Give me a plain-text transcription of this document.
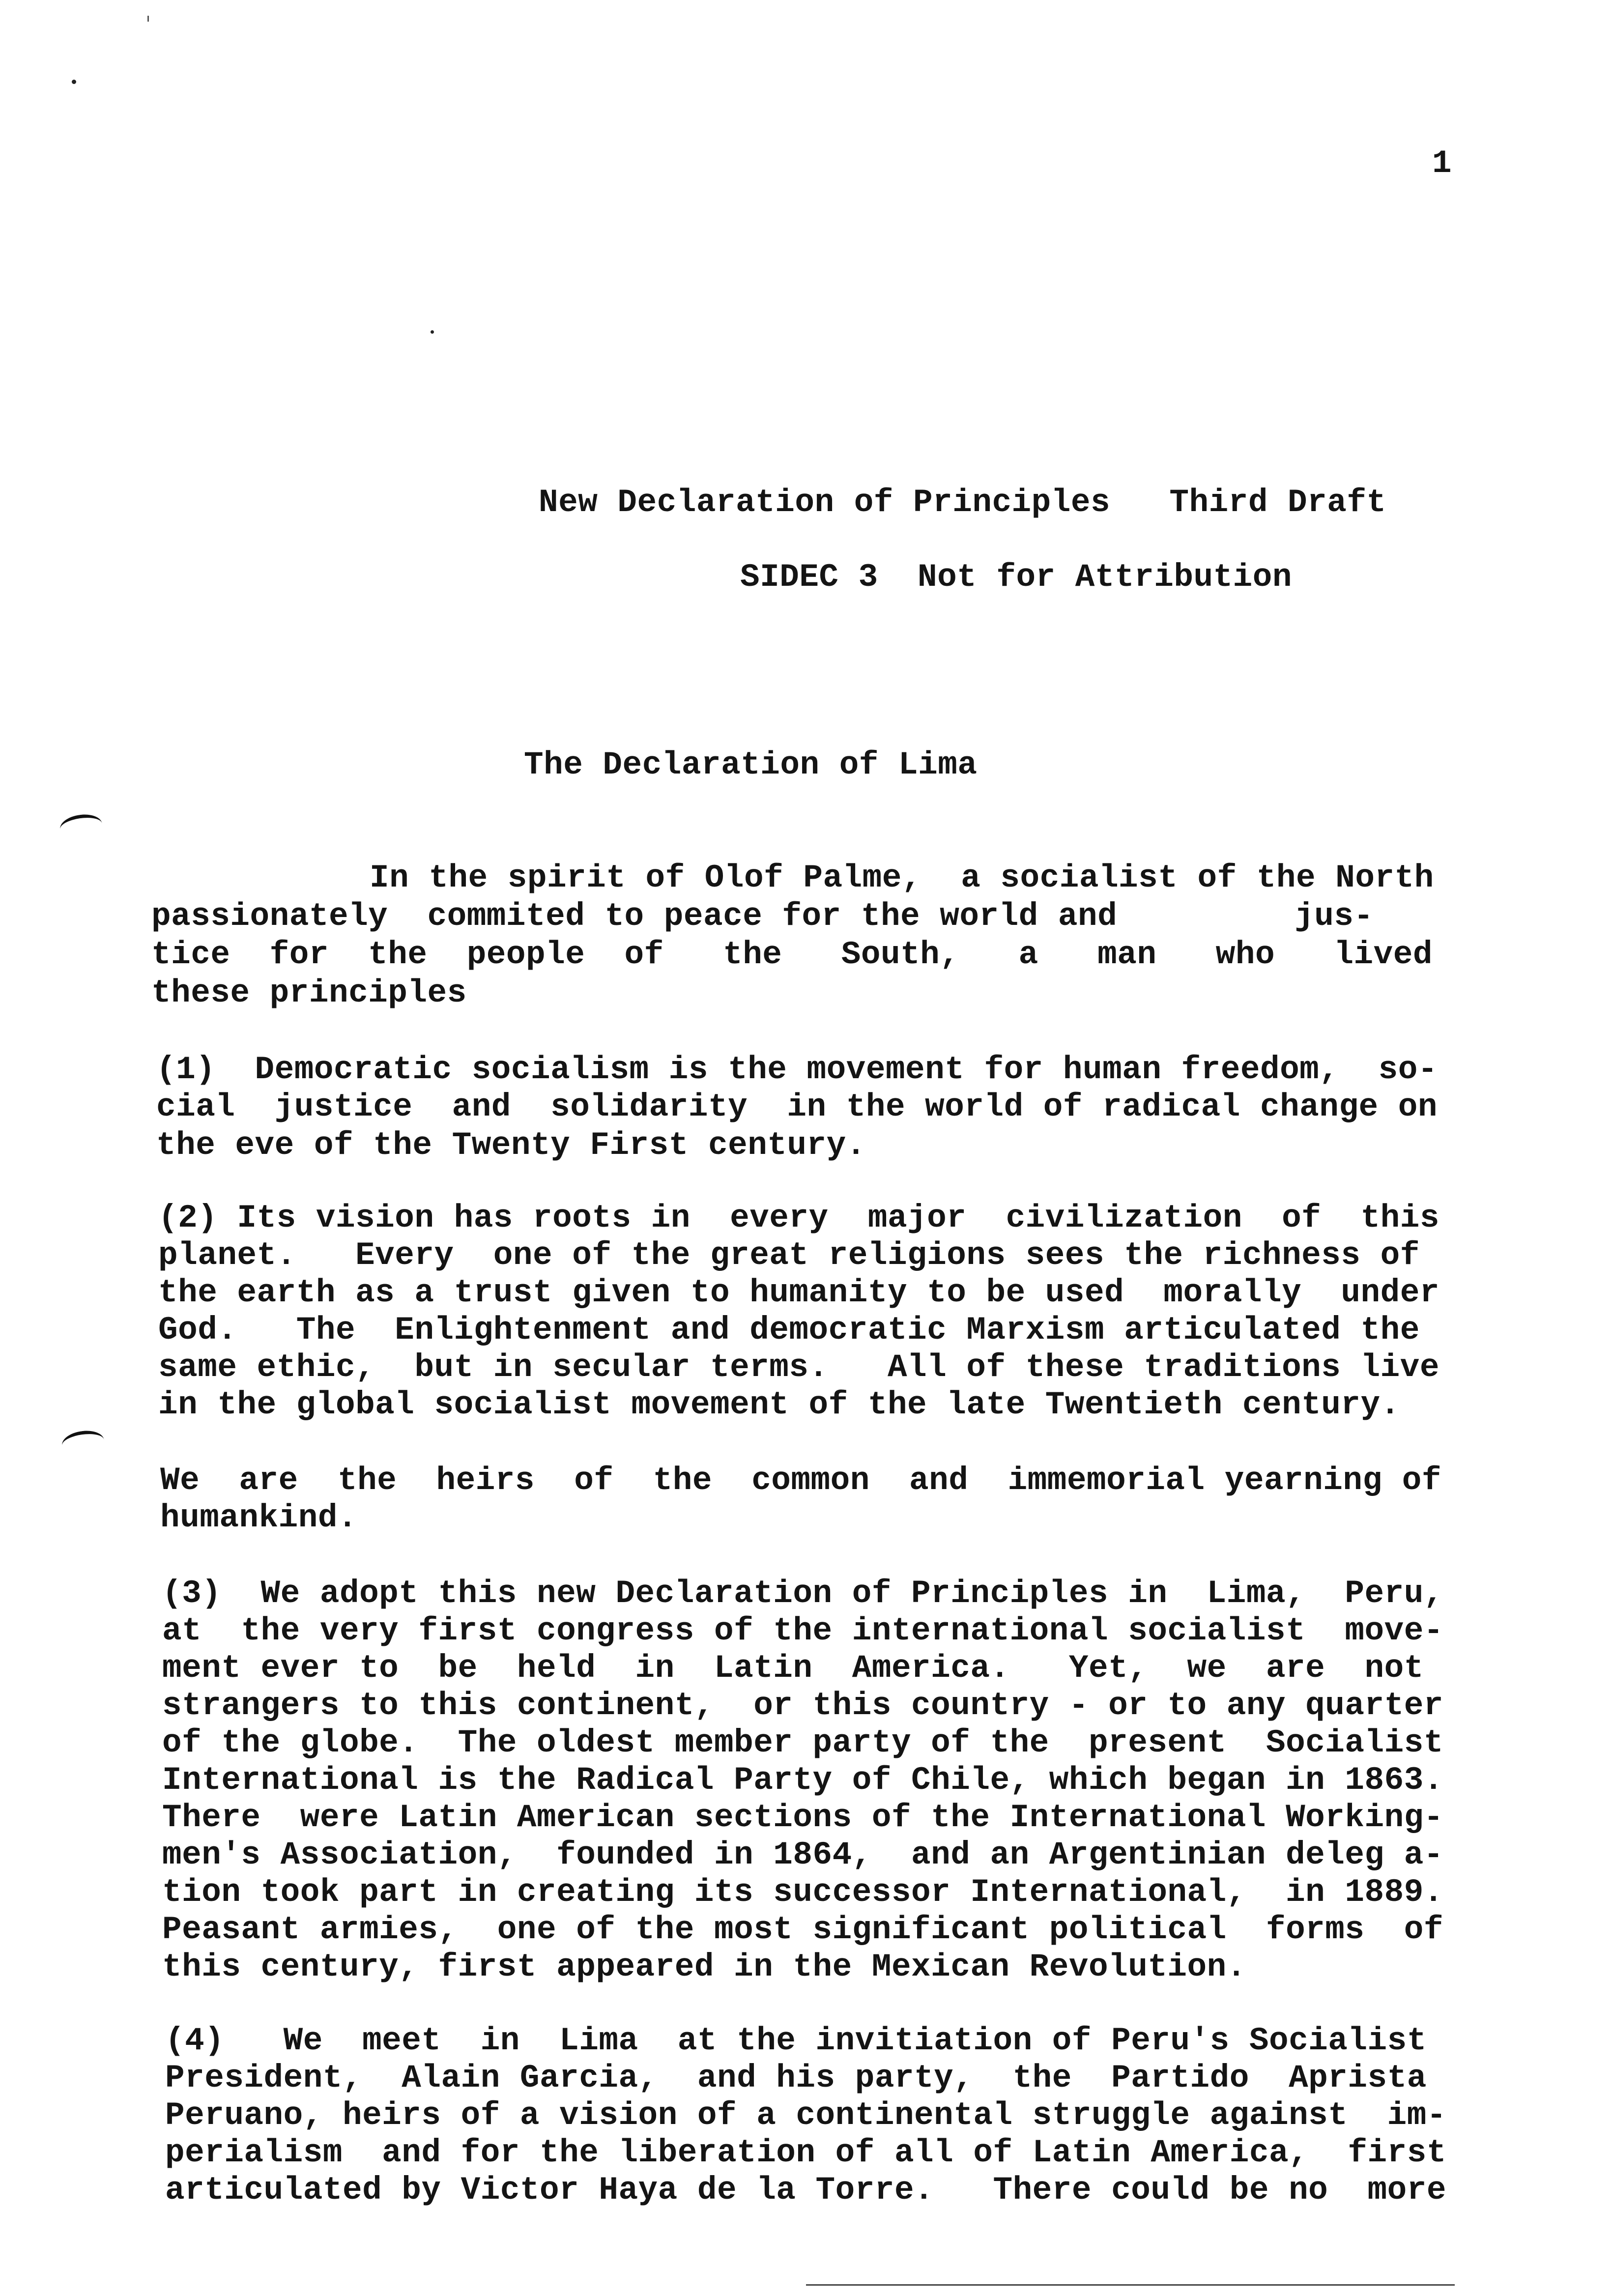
1
New Declaration of Principles   Third Draft
SIDEC 3  Not for Attribution
The Declaration of Lima
In the spirit of Olof Palme,  a socialist of the North
passionately  commited to peace for the world and         jus-
tice  for  the  people  of   the   South,   a   man   who   lived
these principles
(1)  Democratic socialism is the movement for human freedom,  so-
cial  justice  and  solidarity  in the world of radical change on
the eve of the Twenty First century.
(2) Its vision has roots in  every  major  civilization  of  this
planet.   Every  one of the great religions sees the richness of
the earth as a trust given to humanity to be used  morally  under
God.   The  Enlightenment and democratic Marxism articulated the
same ethic,  but in secular terms.   All of these traditions live
in the global socialist movement of the late Twentieth century.
We  are  the  heirs  of  the  common  and  immemorial yearning of
humankind.
(3)  We adopt this new Declaration of Principles in  Lima,  Peru,
at  the very first congress of the international socialist  move-
ment ever to  be  held  in  Latin  America.   Yet,  we  are  not
strangers to this continent,  or this country - or to any quarter
of the globe.  The oldest member party of the  present  Socialist
International is the Radical Party of Chile, which began in 1863.
There  were Latin American sections of the International Working-
men's Association,  founded in 1864,  and an Argentinian deleg a-
tion took part in creating its successor International,  in 1889.
Peasant armies,  one of the most significant political  forms  of
this century, first appeared in the Mexican Revolution.
(4)   We  meet  in  Lima  at the invitiation of Peru's Socialist
President,  Alain Garcia,  and his party,  the  Partido  Aprista
Peruano, heirs of a vision of a continental struggle against  im-
perialism  and for the liberation of all of Latin America,  first
articulated by Victor Haya de la Torre.   There could be no  more
